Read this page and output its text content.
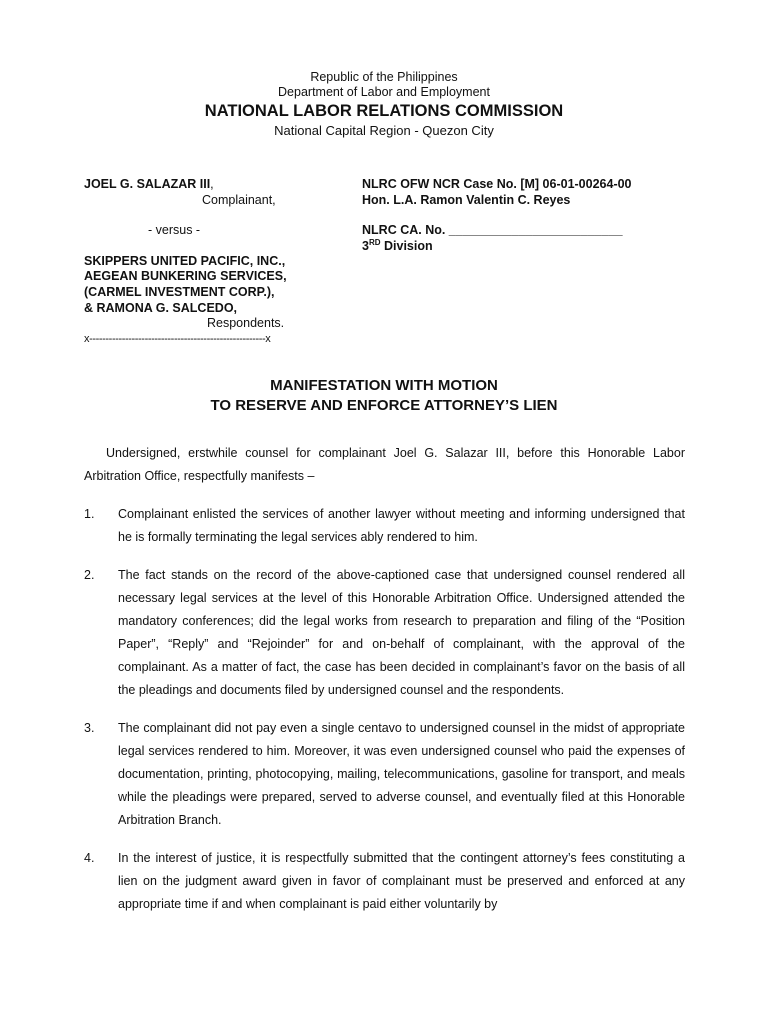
Republic of the Philippines
Department of Labor and Employment
NATIONAL LABOR RELATIONS COMMISSION
National Capital Region - Quezon City
JOEL G. SALAZAR III,
Complainant,
- versus -
SKIPPERS UNITED PACIFIC, INC.,
AEGEAN BUNKERING SERVICES,
(CARMEL INVESTMENT CORP.),
& RAMONA G. SALCEDO,
Respondents.
x------------------------------------------------------x
NLRC OFW NCR Case No. [M] 06-01-00264-00
Hon. L.A. Ramon Valentin C. Reyes
NLRC CA. No. _________________________
3RD Division
MANIFESTATION WITH MOTION
TO RESERVE AND ENFORCE ATTORNEY’S LIEN

Undersigned, erstwhile counsel for complainant Joel G. Salazar III, before this Honorable Labor Arbitration Office, respectfully manifests –

1. Complainant enlisted the services of another lawyer without meeting and informing undersigned that he is formally terminating the legal services ably rendered to him.
2. The fact stands on the record of the above-captioned case that undersigned counsel rendered all necessary legal services at the level of this Honorable Arbitration Office. Undersigned attended the mandatory conferences; did the legal works from research to preparation and filing of the “Position Paper”, “Reply” and “Rejoinder” for and on-behalf of complainant, with the approval of the complainant. As a matter of fact, the case has been decided in complainant’s favor on the basis of all the pleadings and documents filed by undersigned counsel and the respondents.
3. The complainant did not pay even a single centavo to undersigned counsel in the midst of appropriate legal services rendered to him. Moreover, it was even undersigned counsel who paid the expenses of documentation, printing, photocopying, mailing, telecommunications, gasoline for transport, and meals while the pleadings were prepared, served to adverse counsel, and eventually filed at this Honorable Arbitration Branch.
4. In the interest of justice, it is respectfully submitted that the contingent attorney’s fees constituting a lien on the judgment award given in favor of complainant must be preserved and enforced at any appropriate time if and when complainant is paid either voluntarily by
